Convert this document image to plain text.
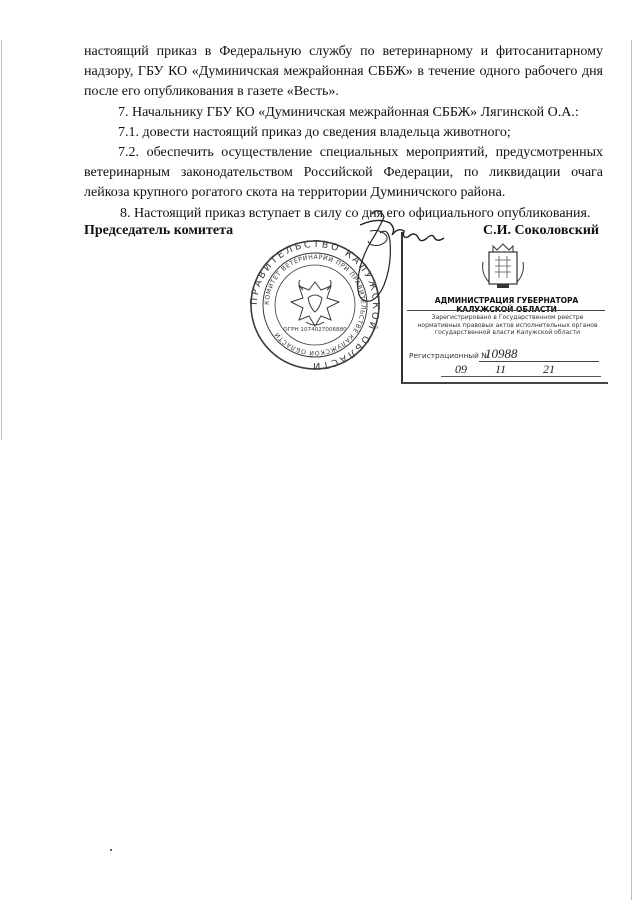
настоящий приказ в Федеральную службу по ветеринарному и фитосанитарному

надзору, ГБУ КО «Думиничская межрайонная СББЖ» в течение одного рабочего дня

после его опубликования в газете «Весть».

7. Начальнику ГБУ КО «Думиничская межрайонная СББЖ» Лягинской О.А.:

7.1. довести настоящий приказ до сведения владельца животного;

7.2. обеспечить осуществление специальных мероприятий, предусмотренных ветеринарным законодательством Российской Федерации, по ликвидации очага лейкоза крупного рогатого скота на территории Думиничского района.

8. Настоящий приказ вступает в силу со дня его официального опубликования.

Председатель комитета	С.И. Соколовский
ПРАВИТЕЛЬСТВО КАЛУЖСКОЙ ОБЛАСТИ
КОМИТЕТ ВЕТЕРИНАРИИ ПРИ ПРАВИТЕЛЬСТВЕ КАЛУЖСКОЙ ОБЛАСТИ
ОГРН 1074027006880
АДМИНИСТРАЦИЯ ГУБЕРНАТОРА
Зарегистрировано в Государственном реестре нормативных правовых актов исполнительных органов государственной власти Калужской области
Регистрационный №
10988
09 11	21
